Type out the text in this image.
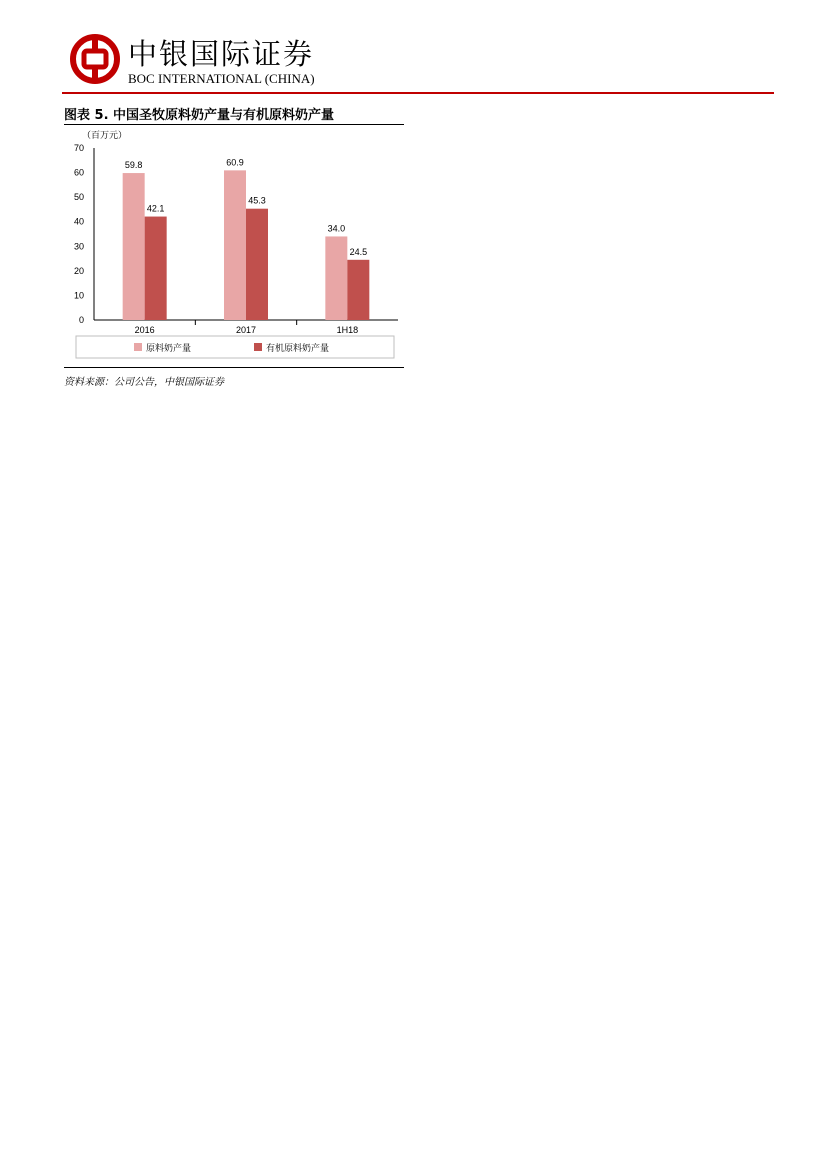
中银国际证券
BOC INTERNATIONAL (CHINA)
图表 5. 中国圣牧原料奶产量与有机原料奶产量
（百万元）
0
10
20
30
40
50
60
70
2016
59.8
42.1
2017
60.9
45.3
1H18
34.0
24.5
原料奶产量	有机原料奶产量
资料来源：公司公告，中银国际证券
